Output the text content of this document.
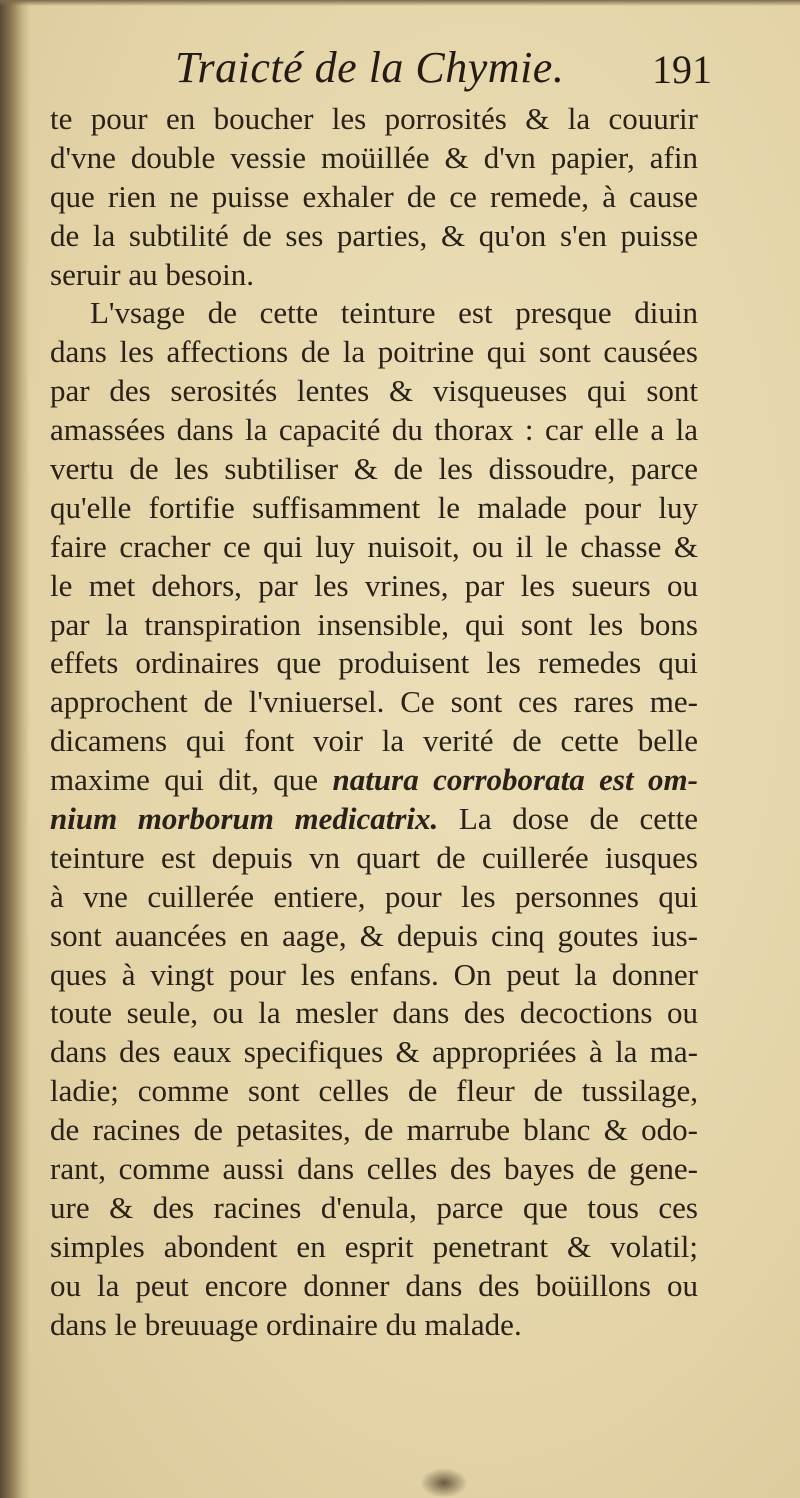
Traicté de la Chymie. 191
te pour en boucher les porrosités & la couurir
d'vne double vessie moüillée & d'vn papier, afin
que rien ne puisse exhaler de ce remede, à cause
de la subtilité de ses parties, & qu'on s'en puisse
seruir au besoin.
L'vsage de cette teinture est presque diuin
dans les affections de la poitrine qui sont causées
par des serosités lentes & visqueuses qui sont
amassées dans la capacité du thorax : car elle a la
vertu de les subtiliser & de les dissoudre, parce
qu'elle fortifie suffisamment le malade pour luy
faire cracher ce qui luy nuisoit, ou il le chasse &
le met dehors, par les vrines, par les sueurs ou
par la transpiration insensible, qui sont les bons
effets ordinaires que produisent les remedes qui
approchent de l'vniuersel. Ce sont ces rares me-
dicamens qui font voir la verité de cette belle
maxime qui dit, que natura corroborata est om-
nium morborum medicatrix. La dose de cette
teinture est depuis vn quart de cuillerée iusques
à vne cuillerée entiere, pour les personnes qui
sont auancées en aage, & depuis cinq goutes ius-
ques à vingt pour les enfans. On peut la donner
toute seule, ou la mesler dans des decoctions ou
dans des eaux specifiques & appropriées à la ma-
ladie; comme sont celles de fleur de tussilage,
de racines de petasites, de marrube blanc & odo-
rant, comme aussi dans celles des bayes de gene-
ure & des racines d'enula, parce que tous ces
simples abondent en esprit penetrant & volatil;
ou la peut encore donner dans des boüillons ou
dans le breuuage ordinaire du malade.
